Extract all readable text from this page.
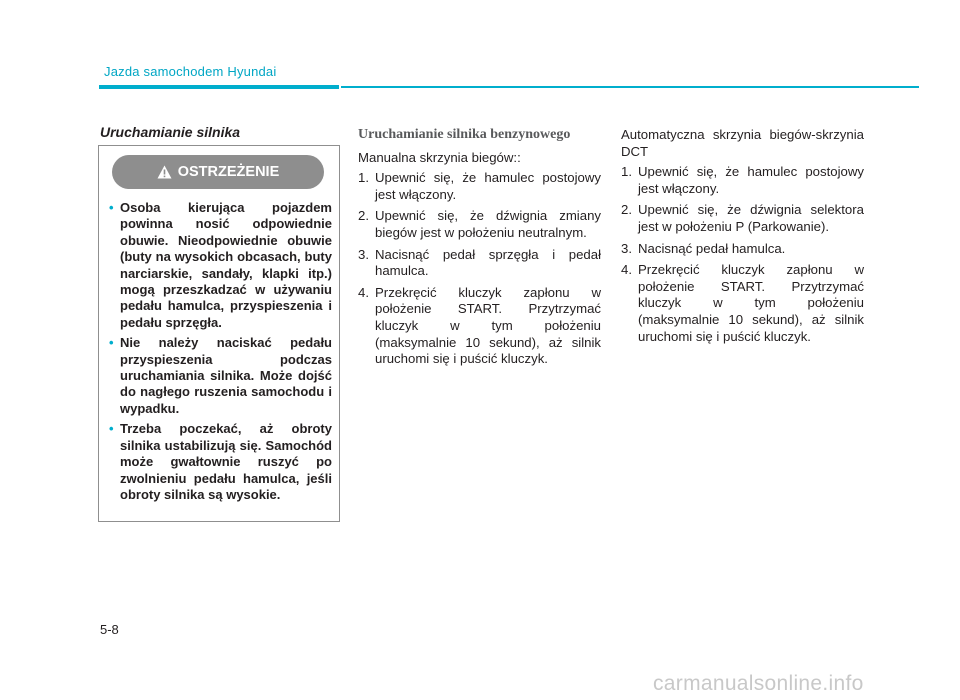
Jazda samochodem Hyundai
Uruchamianie silnika
OSTRZEŻENIE
• Osoba kierująca pojazdem powinna nosić odpowiednie obuwie. Nieodpowiednie obuwie (buty na wysokich obcasach, buty narciarskie, sandały, klapki itp.) mogą przeszkadzać w używaniu pedału hamulca, przyspieszenia i pedału sprzęgła.
• Nie należy naciskać pedału przyspieszenia podczas uruchamiania silnika. Może dojść do nagłego ruszenia samochodu i wypadku.
• Trzeba poczekać, aż obroty silnika ustabilizują się. Samochód może gwałtownie ruszyć po zwolnieniu pedału hamulca, jeśli obroty silnika są wysokie.
Uruchamianie silnika benzynowego

Manualna skrzynia biegów::

1. Upewnić się, że hamulec postojowy jest włączony.
2. Upewnić się, że dźwignia zmiany biegów jest w położeniu neutralnym.
3. Nacisnąć pedał sprzęgła i pedał hamulca.
4. Przekręcić kluczyk zapłonu w położenie START. Przytrzymać kluczyk w tym położeniu (maksymalnie 10 sekund), aż silnik uruchomi się i puścić kluczyk.

Automatyczna skrzynia biegów-skrzynia DCT

1. Upewnić się, że hamulec postojowy jest włączony.
2. Upewnić się, że dźwignia selektora jest w położeniu P (Parkowanie).
3. Nacisnąć pedał hamulca.
4. Przekręcić kluczyk zapłonu w położenie START. Przytrzymać kluczyk w tym położeniu (maksymalnie 10 sekund), aż silnik uruchomi się i puścić kluczyk.
5-8
carmanualsonline.info
